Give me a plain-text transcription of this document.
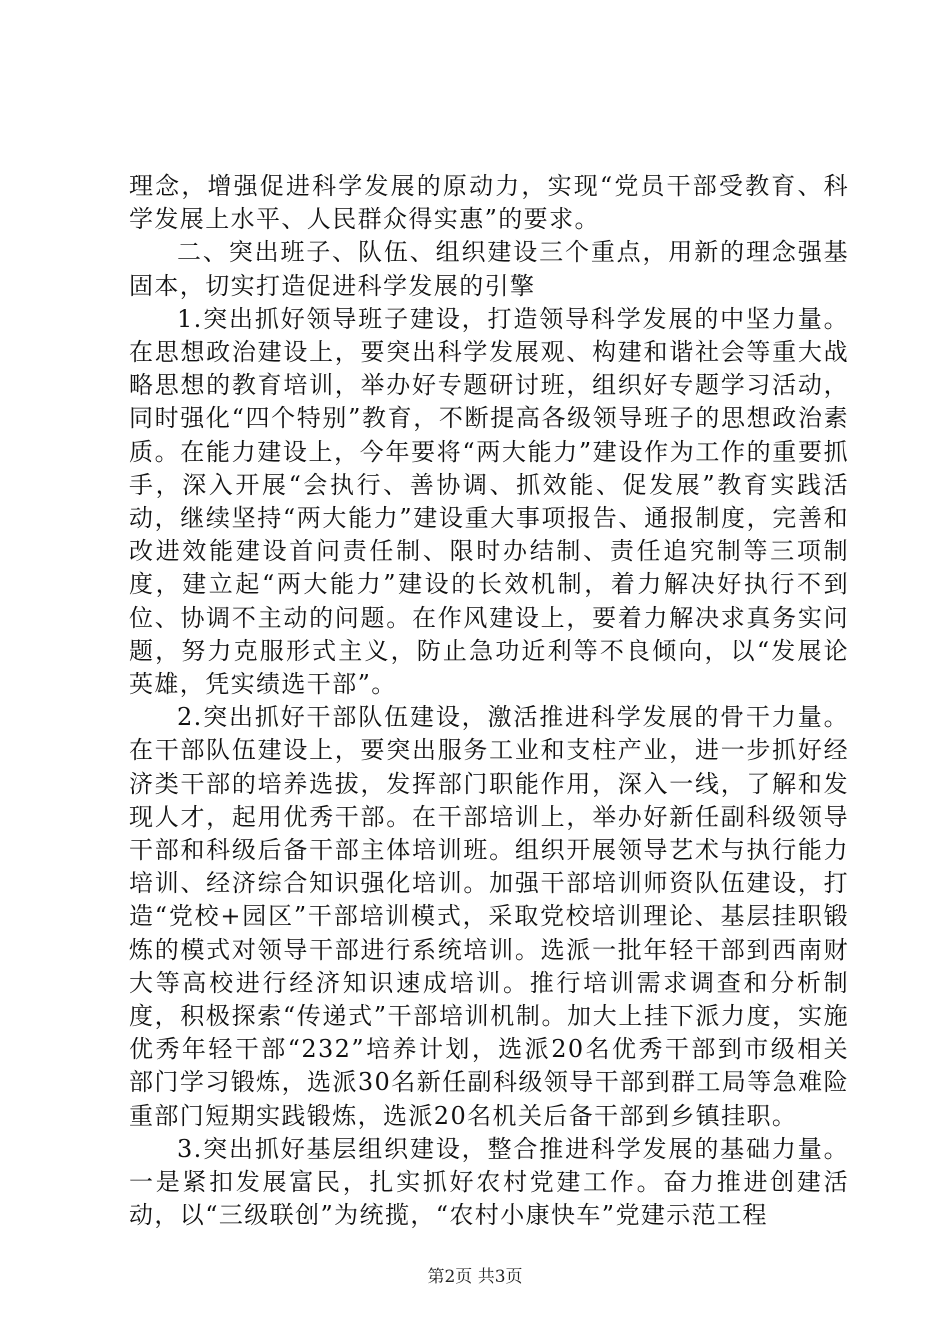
理念，增强促进科学发展的原动力，实现“党员干部受教育、科学发展上水平、人民群众得实惠”的要求。

二、突出班子、队伍、组织建设三个重点，用新的理念强基固本，切实打造促进科学发展的引擎

1.突出抓好领导班子建设，打造领导科学发展的中坚力量。在思想政治建设上，要突出科学发展观、构建和谐社会等重大战略思想的教育培训，举办好专题研讨班，组织好专题学习活动，同时强化“四个特别”教育，不断提高各级领导班子的思想政治素质。在能力建设上，今年要将“两大能力”建设作为工作的重要抓手，深入开展“会执行、善协调、抓效能、促发展”教育实践活动，继续坚持“两大能力”建设重大事项报告、通报制度，完善和改进效能建设首问责任制、限时办结制、责任追究制等三项制度，建立起“两大能力”建设的长效机制，着力解决好执行不到位、协调不主动的问题。在作风建设上，要着力解决求真务实问题，努力克服形式主义，防止急功近利等不良倾向，以“发展论英雄，凭实绩选干部”。

2.突出抓好干部队伍建设，激活推进科学发展的骨干力量。在干部队伍建设上，要突出服务工业和支柱产业，进一步抓好经济类干部的培养选拔，发挥部门职能作用，深入一线，了解和发现人才，起用优秀干部。在干部培训上，举办好新任副科级领导干部和科级后备干部主体培训班。组织开展领导艺术与执行能力培训、经济综合知识强化培训。加强干部培训师资队伍建设，打造“党校+园区”干部培训模式，采取党校培训理论、基层挂职锻炼的模式对领导干部进行系统培训。选派一批年轻干部到西南财大等高校进行经济知识速成培训。推行培训需求调查和分析制度，积极探索“传递式”干部培训机制。加大上挂下派力度，实施优秀年轻干部“232”培养计划，选派20名优秀干部到市级相关部门学习锻炼，选派30名新任副科级领导干部到群工局等急难险重部门短期实践锻炼，选派20名机关后备干部到乡镇挂职。

3.突出抓好基层组织建设，整合推进科学发展的基础力量。一是紧扣发展富民，扎实抓好农村党建工作。奋力推进创建活动，以“三级联创”为统揽，“农村小康快车”党建示范工程

第2页 共3页
